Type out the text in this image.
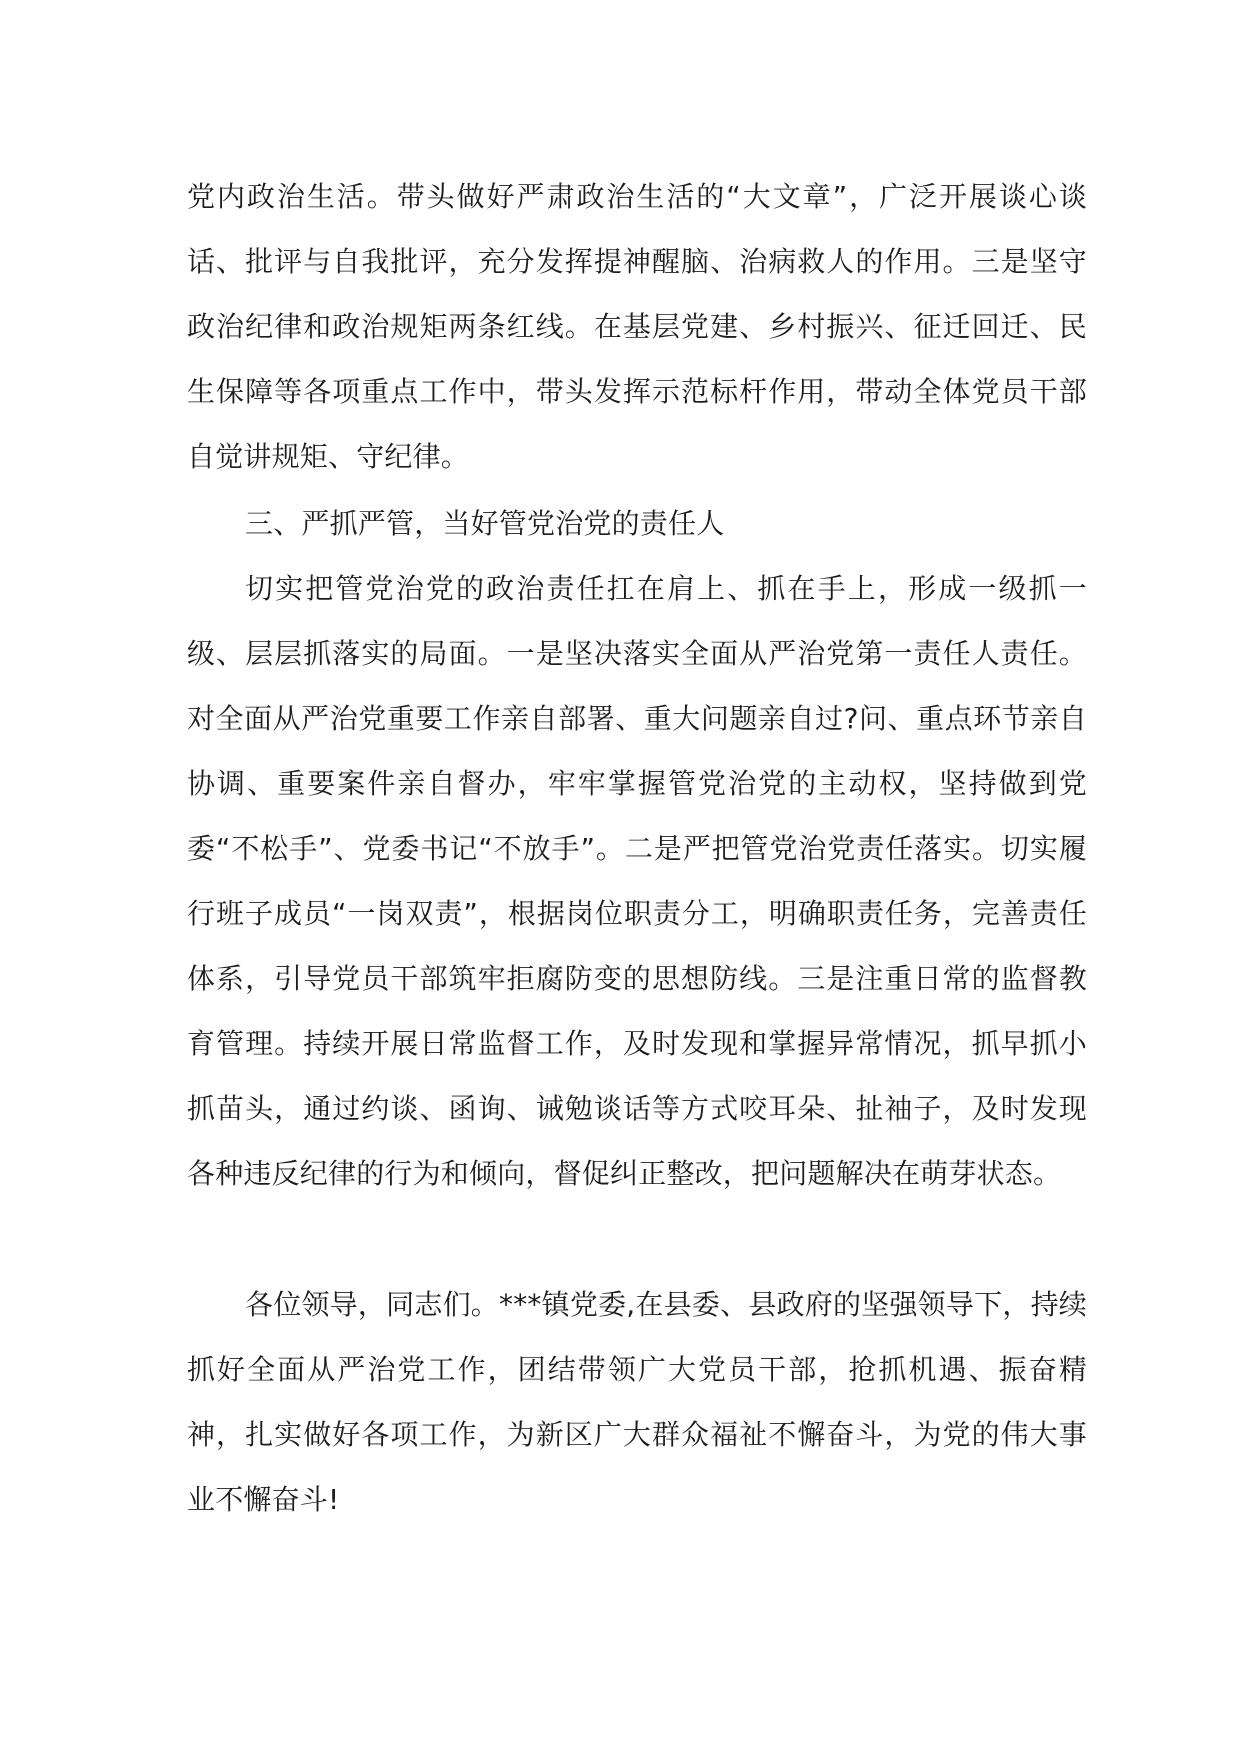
党内政治生活。带头做好严肃政治生活的“大文章”，广泛开展谈心谈话、批评与自我批评，充分发挥提神醒脑、治病救人的作用。三是坚守政治纪律和政治规矩两条红线。在基层党建、乡村振兴、征迁回迁、民生保障等各项重点工作中，带头发挥示范标杆作用，带动全体党员干部自觉讲规矩、守纪律。

三、严抓严管，当好管党治党的责任人

切实把管党治党的政治责任扛在肩上、抓在手上，形成一级抓一级、层层抓落实的局面。一是坚决落实全面从严治党第一责任人责任。对全面从严治党重要工作亲自部署、重大问题亲自过?问、重点环节亲自协调、重要案件亲自督办，牢牢掌握管党治党的主动权，坚持做到党委“不松手”、党委书记“不放手”。二是严把管党治党责任落实。切实履行班子成员“一岗双责”，根据岗位职责分工，明确职责任务，完善责任体系，引导党员干部筑牢拒腐防变的思想防线。三是注重日常的监督教育管理。持续开展日常监督工作，及时发现和掌握异常情况，抓早抓小抓苗头，通过约谈、函询、诫勉谈话等方式咬耳朵、扯袖子，及时发现各种违反纪律的行为和倾向，督促纠正整改，把问题解决在萌芽状态。

各位领导，同志们。***镇党委,在县委、县政府的坚强领导下，持续抓好全面从严治党工作，团结带领广大党员干部，抢抓机遇、振奋精神，扎实做好各项工作，为新区广大群众福祉不懈奋斗，为党的伟大事业不懈奋斗!
